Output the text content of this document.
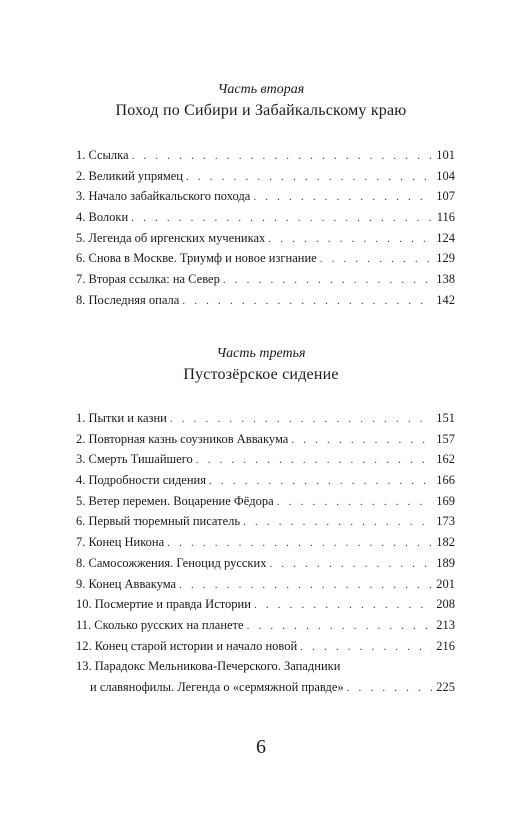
Часть вторая
Поход по Сибири и Забайкальскому краю
1. Ссылка . . .	101
2. Великий упрямец . . .	104
3. Начало забайкальского похода . . .	107
4. Волоки . . .	116
5. Легенда об иргенских мучениках . . .	124
6. Снова в Москве. Триумф и новое изгнание . . .	129
7. Вторая ссылка: на Север . . .	138
8. Последняя опала . . .	142
Часть третья
Пустозёрское сидение
1. Пытки и казни . . .	151
2. Повторная казнь соузников Аввакума . . .	157
3. Смерть Тишайшего . . .	162
4. Подробности сидения . . .	166
5. Ветер перемен. Воцарение Фёдора . . .	169
6. Первый тюремный писатель . . .	173
7. Конец Никона . . .	182
8. Самосожжения. Геноцид русских . . .	189
9. Конец Аввакума . . .	201
10. Посмертие и правда Истории . . .	208
11. Сколько русских на планете . . .	213
12. Конец старой истории и начало новой . . .	216
13. Парадокс Мельникова-Печерского. Западники
и славянофилы. Легенда о «сермяжной правде» . . .	225
6
